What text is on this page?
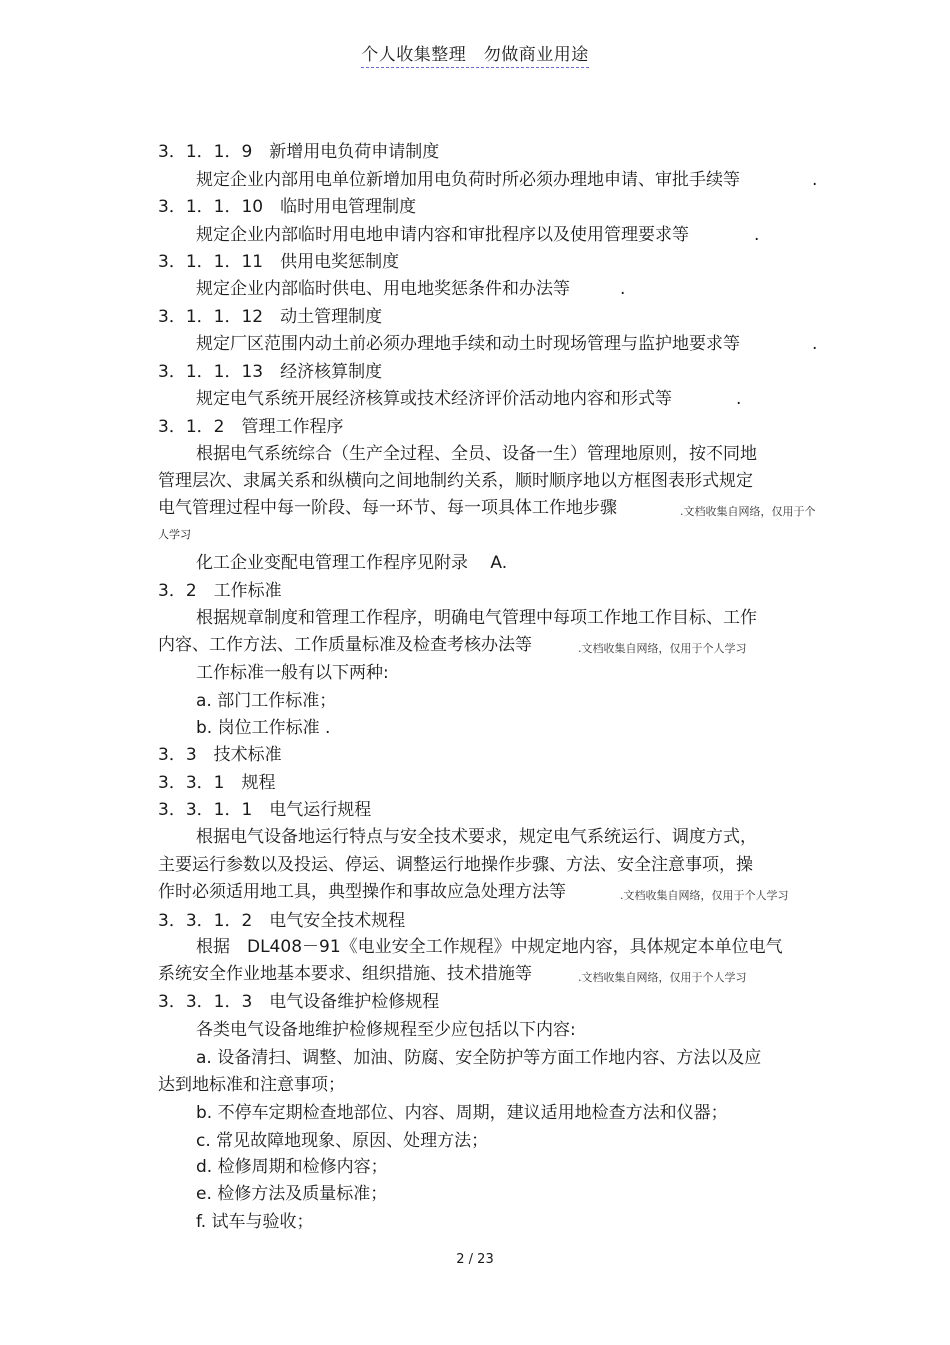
个人收集整理　勿做商业用途
3．1．1．9　新增用电负荷申请制度
规定企业内部用电单位新增加用电负荷时所必须办理地申请、审批手续等	.
3．1．1．10　临时用电管理制度
规定企业内部临时用电地申请内容和审批程序以及使用管理要求等	.
3．1．1．11　供用电奖惩制度
规定企业内部临时供电、用电地奖惩条件和办法等	.
3．1．1．12　动土管理制度
规定厂区范围内动土前必须办理地手续和动土时现场管理与监护地要求等	.
3．1．1．13　经济核算制度
规定电气系统开展经济核算或技术经济评价活动地内容和形式等	.
3．1．2　管理工作程序
根据电气系统综合（生产全过程、全员、设备一生）管理地原则，按不同地
管理层次、隶属关系和纵横向之间地制约关系，顺时顺序地以方框图表形式规定
电气管理过程中每一阶段、每一环节、每一项具体工作地步骤	.文档收集自网络，仅用于个
人学习
化工企业变配电管理工作程序见附录　 A.
3．2　工作标准
根据规章制度和管理工作程序，明确电气管理中每项工作地工作目标、工作
内容、工作方法、工作质量标准及检查考核办法等	.文档收集自网络，仅用于个人学习
工作标准一般有以下两种:
a. 部门工作标准；
b. 岗位工作标准 .
3．3　技术标准
3．3．1　规程
3．3．1．1　电气运行规程
根据电气设备地运行特点与安全技术要求，规定电气系统运行、调度方式，
主要运行参数以及投运、停运、调整运行地操作步骤、方法、安全注意事项，操
作时必须适用地工具，典型操作和事故应急处理方法等	.文档收集自网络，仅用于个人学习
3．3．1．2　电气安全技术规程
根据　DL408－91《电业安全工作规程》中规定地内容，具体规定本单位电气
系统安全作业地基本要求、组织措施、技术措施等	.文档收集自网络，仅用于个人学习
3．3．1．3　电气设备维护检修规程
各类电气设备地维护检修规程至少应包括以下内容:
a. 设备清扫、调整、加油、防腐、安全防护等方面工作地内容、方法以及应
达到地标准和注意事项；
b. 不停车定期检查地部位、内容、周期，建议适用地检查方法和仪器；
c. 常见故障地现象、原因、处理方法；
d. 检修周期和检修内容；
e. 检修方法及质量标准；
f. 试车与验收；
2 / 23
